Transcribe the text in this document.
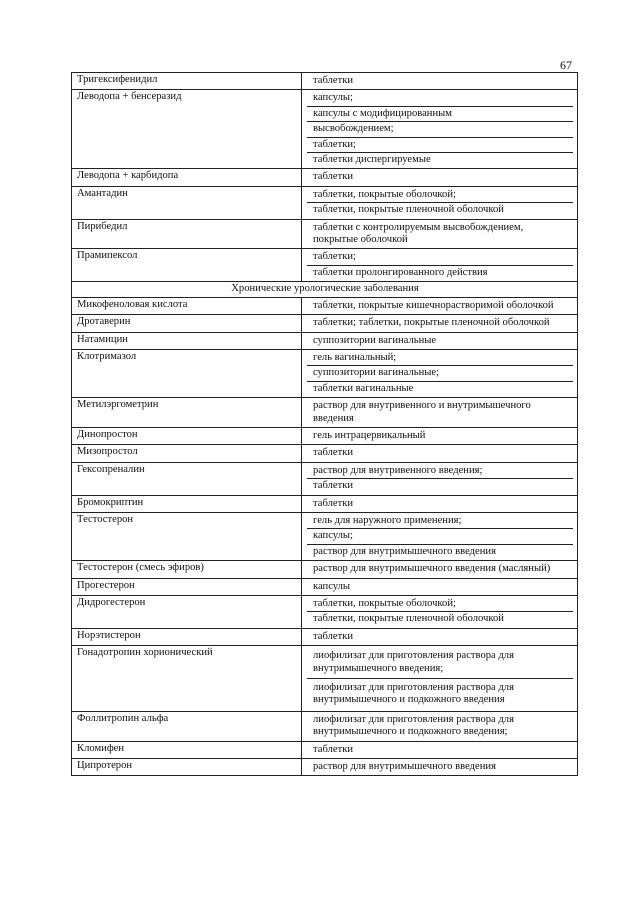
67
Тригексифенидил	таблетки

Леводопа + бенсеразид	капсулы;
капсулы с модифицированным
высвобождением;
таблетки;
таблетки диспергируемые

Леводопа + карбидопа	таблетки

Амантадин	таблетки, покрытые оболочкой;
таблетки, покрытые пленочной оболочкой

Пирибедил	таблетки с контролируемым высвобождением, покрытые оболочкой

Прамипексол	таблетки;
таблетки пролонгированного действия

Хронические урологические заболевания	
Микофеноловая кислота	таблетки, покрытые кишечнорастворимой оболочкой

Дротаверин	таблетки; таблетки, покрытые пленочной оболочкой

Натамицин	суппозитории вагинальные

Клотримазол	гель вагинальный;
суппозитории вагинальные;
таблетки вагинальные

Метилэргометрин	раствор для внутривенного и внутримышечного введения

Динопростон	гель интрацервикальный

Мизопростол	таблетки

Гексопреналин	раствор для внутривенного введения;
таблетки

Бромокриптин	таблетки

Тестостерон	гель для наружного применения;
капсулы;
раствор для внутримышечного введения

Тестостерон (смесь эфиров)	раствор для внутримышечного введения (масляный)

Прогестерон	капсулы

Дидрогестерон	таблетки, покрытые оболочкой;
таблетки, покрытые пленочной оболочкой

Норэтистерон	таблетки

Гонадотропин хорионический	лиофилизат для приготовления раствора для внутримышечного введения;
лиофилизат для приготовления раствора для внутримышечного и подкожного введения

Фоллитропин альфа	лиофилизат для приготовления раствора для внутримышечного и подкожного введения;

Кломифен	таблетки

Ципротерон	раствор для внутримышечного введения
